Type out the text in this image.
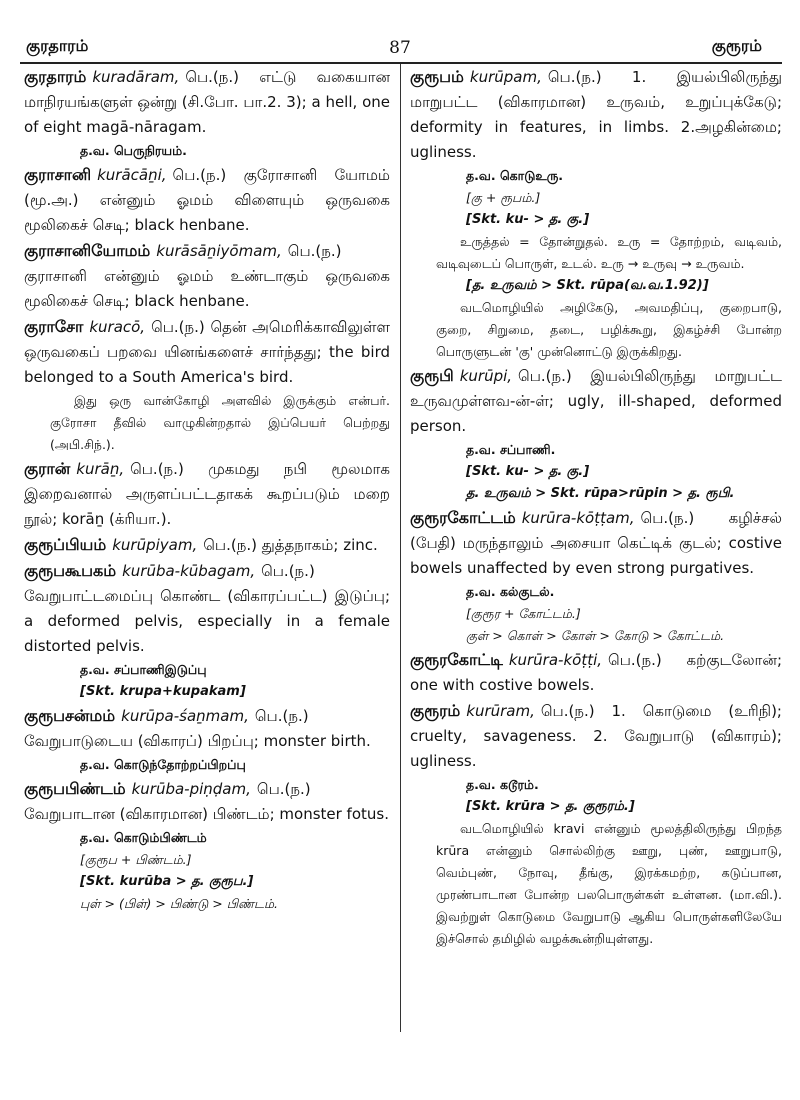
குரதாரம்	87	குரூரம்
குரதாரம் kuradāram, பெ.(ந.) எட்டு வகையான மாநிரயங்களுள் ஒன்று (சி.போ. பா.2. 3); a hell, one of eight magā-nāragam.
த.வ. பெருநிரயம்.
குராசானி kurācāṉi, பெ.(ந.) குரோசானி யோமம் (மூ.அ.) என்னும் ஓமம் விளையும் ஒருவகை மூலிகைச் செடி; black henbane.
குராசானியோமம் kurāsāṉiyōmam, பெ.(ந.) குராசானி என்னும் ஓமம் உண்டாகும் ஒருவகை மூலிகைச் செடி; black henbane.
குராசோ kuracō, பெ.(ந.) தென் அமெரிக்காவிலுள்ள ஒருவகைப் பறவை யினங்களைச் சார்ந்தது; the bird belonged to a South America's bird.
இது ஒரு வான்கோழி அளவில் இருக்கும் என்பர். குரோசா தீவில் வாழுகின்றதால் இப்பெயர் பெற்றது (அபி.சிந்.).
குரான் kurāṉ, பெ.(ந.) முகமது நபி மூலமாக இறைவனால் அருளப்பட்டதாகக் கூறப்படும் மறை நூல்; korāṉ (க்ரியா.).
குரூப்பியம் kurūpiyam, பெ.(ந.) துத்தநாகம்; zinc.
குரூபகூபகம் kurūba-kūbagam, பெ.(ந.) வேறுபாட்டமைப்பு கொண்ட (விகாரப்பட்ட) இடுப்பு; a deformed pelvis, especially in a female distorted pelvis.
த.வ. சப்பாணிஇடுப்பு
[Skt. krupa+kupakam]
குரூபசன்மம் kurūpa-śaṉmam, பெ.(ந.) வேறுபாடுடைய (விகாரப்) பிறப்பு; monster birth.
த.வ. கொடுந்தோற்றப்பிறப்பு
குரூபபிண்டம் kurūba-piṇḍam, பெ.(ந.) வேறுபாடான (விகாரமான) பிண்டம்; monster fotus.
த.வ. கொடும்பிண்டம்
[குரூப + பிண்டம்.]
[Skt. kurūba > த. குரூப.]
புள் > (பிள்) > பிண்டு > பிண்டம்.
குரூபம் kurūpam, பெ.(ந.) 1. இயல்பிலிருந்து மாறுபட்ட (விகாரமான) உருவம், உறுப்புக்கேடு; deformity in features, in limbs. 2.அழகின்மை; ugliness.
த.வ. கொடுஉரு.
[கு + ரூபம்.]
[Skt. ku- > த. கு.]
உருத்தல் = தோன்றுதல். உரு = தோற்றம், வடிவம், வடிவுடைப் பொருள், உடல். உரு → உருவு → உருவம்.
[த. உருவம் > Skt. rūpa(வ.வ.1.92)]
வடமொழியில் அழிகேடு, அவமதிப்பு, குறைபாடு, குறை, சிறுமை, தடை, பழிக்கூறு, இகழ்ச்சி போன்ற பொருளுடன் 'கு' முன்னொட்டு இருக்கிறது.
குரூபி kurūpi, பெ.(ந.) இயல்பிலிருந்து மாறுபட்ட உருவமுள்ளவ-ன்-ள்; ugly, ill-shaped, deformed person.
த.வ. சப்பாணி.
[Skt. ku- > த. கு.]
த. உருவம் > Skt. rūpa>rūpin > த. ரூபி.
குரூரகோட்டம் kurūra-kōṭṭam, பெ.(ந.) கழிச்சல் (பேதி) மருந்தாலும் அசையா கெட்டிக் குடல்; costive bowels unaffected by even strong purgatives.
த.வ. கல்குடல்.
[குரூர + கோட்டம்.]
குள் > கொள் > கோள் > கோடு > கோட்டம்.
குரூரகோட்டி kurūra-kōṭṭi, பெ.(ந.) கற்குடலோன்; one with costive bowels.
குரூரம் kurūram, பெ.(ந.) 1. கொடுமை (உரிநி); cruelty, savageness. 2. வேறுபாடு (விகாரம்); ugliness.
த.வ. கடூரம்.
[Skt. krūra > த. குரூரம்.]
வடமொழியில் kravi என்னும் மூலத்திலிருந்து பிறந்த krūra என்னும் சொல்லிற்கு ஊறு, புண், ஊறுபாடு, வெம்புண், நோவு, தீங்கு, இரக்கமற்ற, கடுப்பான, முரண்பாடான போன்ற பலபொருள்கள் உள்ளன. (மா.வி.). இவற்றுள் கொடுமை வேறுபாடு ஆகிய பொருள்களிலேயே இச்சொல் தமிழில் வழக்கூன்றியுள்ளது.
